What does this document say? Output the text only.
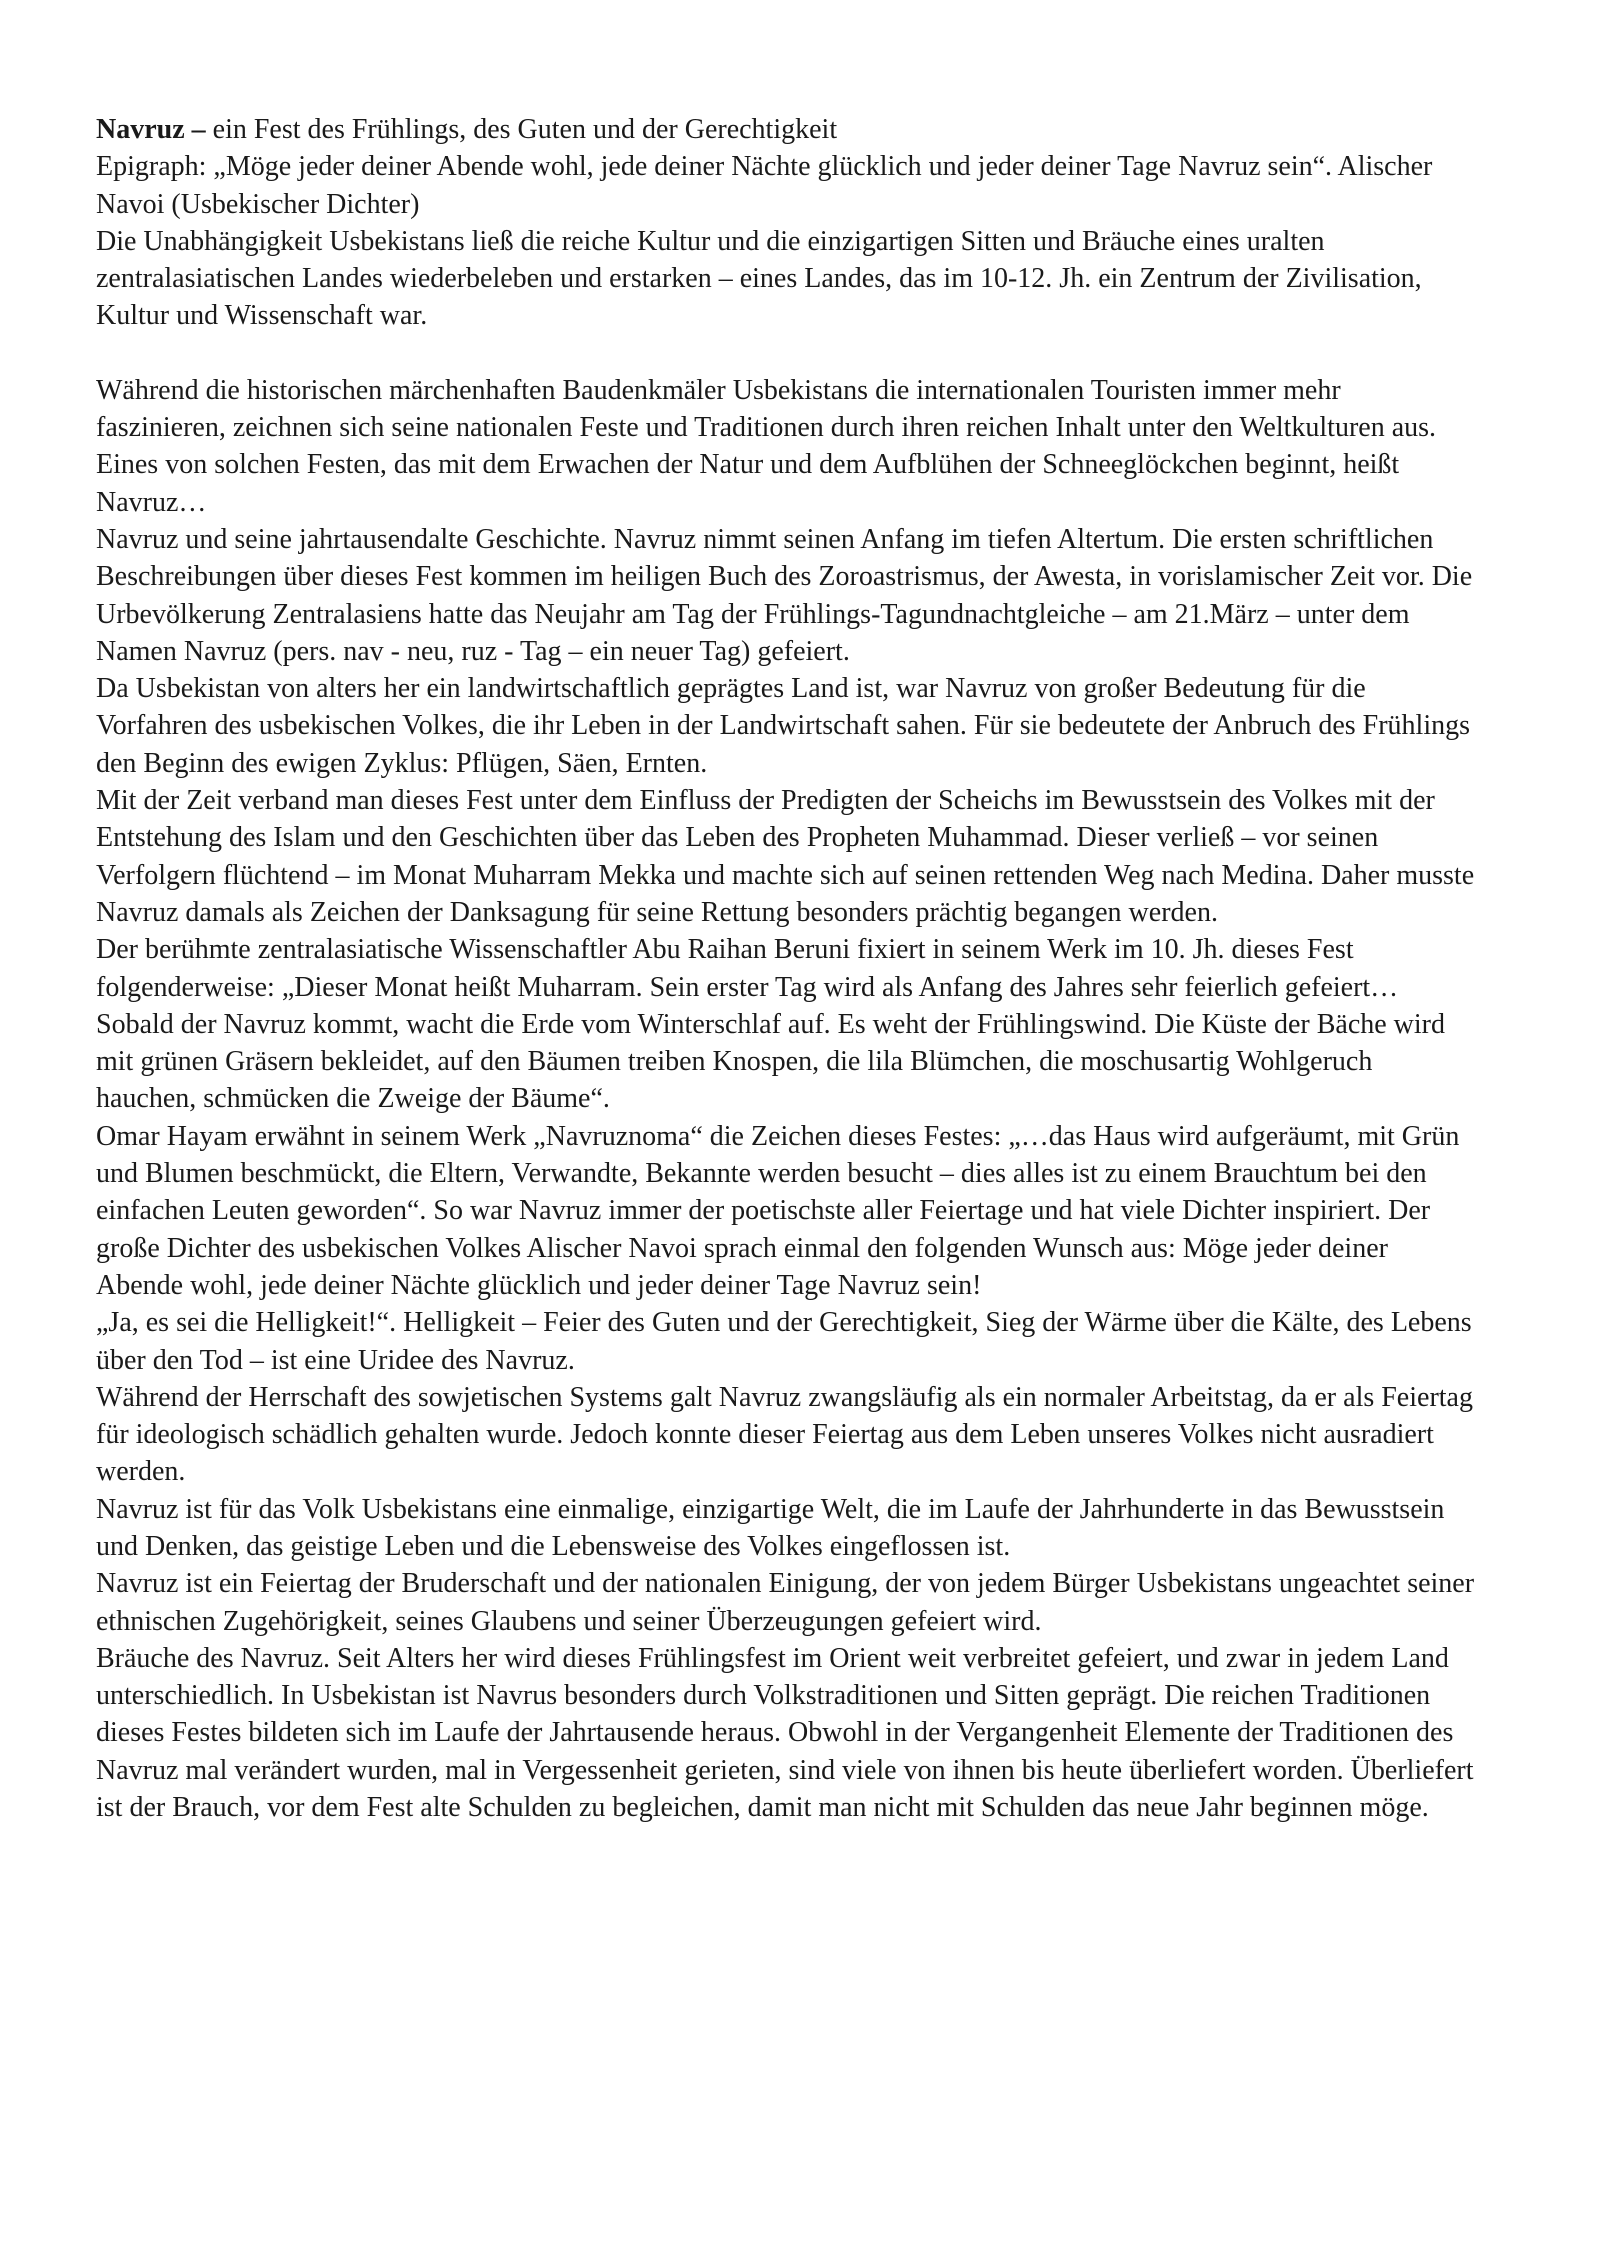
Navruz – ein Fest des Frühlings, des Guten und der Gerechtigkeit

Epigraph: „Möge jeder deiner Abende wohl, jede deiner Nächte glücklich und jeder deiner Tage Navruz sein“. Alischer Navoi (Usbekischer Dichter)

Die Unabhängigkeit Usbekistans ließ die reiche Kultur und die einzigartigen Sitten und Bräuche eines uralten zentralasiatischen Landes wiederbeleben und erstarken – eines Landes, das im 10-12. Jh. ein Zentrum der Zivilisation, Kultur und Wissenschaft war.

Während die historischen märchenhaften Baudenkmäler Usbekistans die internationalen Touristen immer mehr faszinieren, zeichnen sich seine nationalen Feste und Traditionen durch ihren reichen Inhalt unter den Weltkulturen aus. Eines von solchen Festen, das mit dem Erwachen der Natur und dem Aufblühen der Schneeglöckchen beginnt, heißt Navruz…

Navruz und seine jahrtausendalte Geschichte. Navruz nimmt seinen Anfang im tiefen Altertum. Die ersten schriftlichen Beschreibungen über dieses Fest kommen im heiligen Buch des Zoroastrismus, der Awesta, in vorislamischer Zeit vor. Die Urbevölkerung Zentralasiens hatte das Neujahr am Tag der Frühlings-Tagundnachtgleiche – am 21.März – unter dem Namen Navruz (pers. nav - neu, ruz - Tag – ein neuer Tag) gefeiert.

Da Usbekistan von alters her ein landwirtschaftlich geprägtes Land ist, war Navruz von großer Bedeutung für die Vorfahren des usbekischen Volkes, die ihr Leben in der Landwirtschaft sahen. Für sie bedeutete der Anbruch des Frühlings den Beginn des ewigen Zyklus: Pflügen, Säen, Ernten.

Mit der Zeit verband man dieses Fest unter dem Einfluss der Predigten der Scheichs im Bewusstsein des Volkes mit der Entstehung des Islam und den Geschichten über das Leben des Propheten Muhammad. Dieser verließ – vor seinen Verfolgern flüchtend – im Monat Muharram Mekka und machte sich auf seinen rettenden Weg nach Medina. Daher musste Navruz damals als Zeichen der Danksagung für seine Rettung besonders prächtig begangen werden.

Der berühmte zentralasiatische Wissenschaftler Abu Raihan Beruni fixiert in seinem Werk im 10. Jh. dieses Fest folgenderweise: „Dieser Monat heißt Muharram. Sein erster Tag wird als Anfang des Jahres sehr feierlich gefeiert… Sobald der Navruz kommt, wacht die Erde vom Winterschlaf auf. Es weht der Frühlingswind. Die Küste der Bäche wird mit grünen Gräsern bekleidet, auf den Bäumen treiben Knospen, die lila Blümchen, die moschusartig Wohlgeruch hauchen, schmücken die Zweige der Bäume“.

Omar Hayam erwähnt in seinem Werk „Navruznoma“ die Zeichen dieses Festes: „…das Haus wird aufgeräumt, mit Grün und Blumen beschmückt, die Eltern, Verwandte, Bekannte werden besucht – dies alles ist zu einem Brauchtum bei den einfachen Leuten geworden“. So war Navruz immer der poetischste aller Feiertage und hat viele Dichter inspiriert. Der große Dichter des usbekischen Volkes Alischer Navoi sprach einmal den folgenden Wunsch aus: Möge jeder deiner Abende wohl, jede deiner Nächte glücklich und jeder deiner Tage Navruz sein!

„Ja, es sei die Helligkeit!“. Helligkeit – Feier des Guten und der Gerechtigkeit, Sieg der Wärme über die Kälte, des Lebens über den Tod – ist eine Uridee des Navruz.

Während der Herrschaft des sowjetischen Systems galt Navruz zwangsläufig als ein normaler Arbeitstag, da er als Feiertag für ideologisch schädlich gehalten wurde. Jedoch konnte dieser Feiertag aus dem Leben unseres Volkes nicht ausradiert werden.

Navruz ist für das Volk Usbekistans eine einmalige, einzigartige Welt, die im Laufe der Jahrhunderte in das Bewusstsein und Denken, das geistige Leben und die Lebensweise des Volkes eingeflossen ist.

Navruz ist ein Feiertag der Bruderschaft und der nationalen Einigung, der von jedem Bürger Usbekistans ungeachtet seiner ethnischen Zugehörigkeit, seines Glaubens und seiner Überzeugungen gefeiert wird.

Bräuche des Navruz. Seit Alters her wird dieses Frühlingsfest im Orient weit verbreitet gefeiert, und zwar in jedem Land unterschiedlich. In Usbekistan ist Navrus besonders durch Volkstraditionen und Sitten geprägt. Die reichen Traditionen dieses Festes bildeten sich im Laufe der Jahrtausende heraus. Obwohl in der Vergangenheit Elemente der Traditionen des Navruz mal verändert wurden, mal in Vergessenheit gerieten, sind viele von ihnen bis heute überliefert worden. Überliefert ist der Brauch, vor dem Fest alte Schulden zu begleichen, damit man nicht mit Schulden das neue Jahr beginnen möge.
